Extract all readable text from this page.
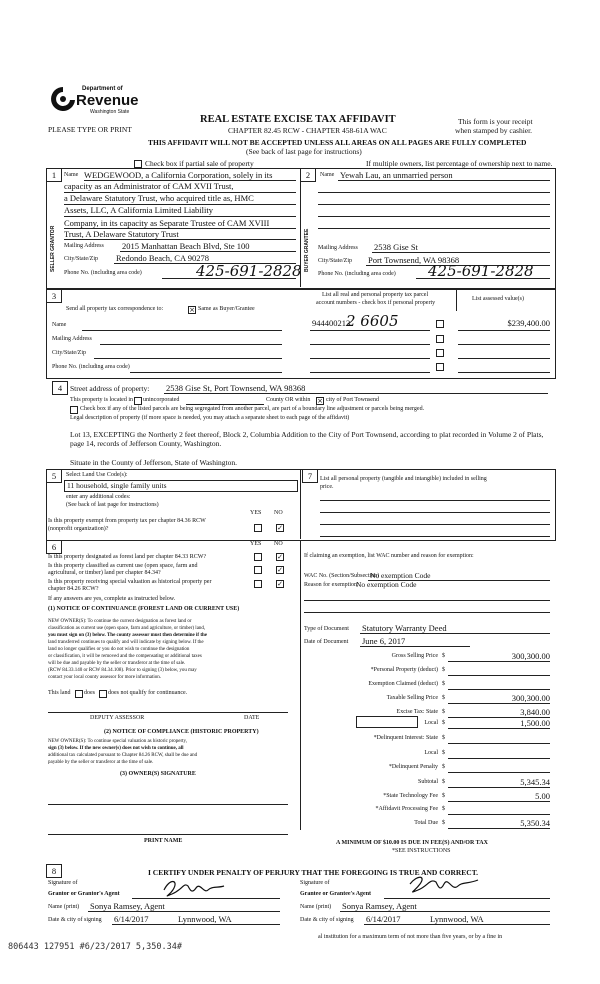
Department of
Revenue
Washington State
REAL ESTATE EXCISE TAX AFFIDAVIT
CHAPTER 82.45 RCW - CHAPTER 458-61A WAC
PLEASE TYPE OR PRINT
This form is your receipt
when stamped by cashier.
THIS AFFIDAVIT WILL NOT BE ACCEPTED UNLESS ALL AREAS ON ALL PAGES ARE FULLY COMPLETED
(See back of last page for instructions)
Check box if partial sale of property	If multiple owners, list percentage of ownership next to name.
1	2
Name WEDGEWOOD, a California Corporation, solely in its
capacity as an Administrator of CAM XVII Trust,
a Delaware Statutory Trust, who acquired title as, HMC
Assets, LLC, A California Limited Liability
Company, in its capacity as Separate Trustee of CAM XVIII
Trust, A Delaware Statutory Trust
SELLER GRANTOR Mailing Address 2015 Manhattan Beach Blvd, Ste 100
City/State/Zip Redondo Beach, CA 90278
Phone No. (including area code)	425-691-2828
Name Yewah Lau, an unmarried person
BUYER GRANTEE Mailing Address 2538 Gise St
City/State/Zip Port Townsend, WA 98368
Phone No. (including area code) 425-691-2828
3
Send all property tax correspondence to:	× Same as Buyer/Grantee
List all real and personal property tax parcel
account numbers - check box if personal property
List assessed value(s)
Name
Mailing Address
City/State/Zip
Phone No. (including area code)
944400213
2 6605	$239,400.00
4	Street address of property: 2538 Gise St, Port Townsend, WA 98368
This property is located in unincorporated	County OR within × city of Port Townsend
Check box if any of the listed parcels are being segregated from another parcel, are part of a boundary line adjustment or parcels being merged.
Legal description of property (if more space is needed, you may attach a separate sheet to each page of the affidavit)
Lot 13, EXCEPTING the Northerly 2 feet thereof, Block 2, Columbia Addition to the City of Port Townsend, according to plat recorded in Volume 2 of Plats, page 14, records of Jefferson County, Washington.
Situate in the County of Jefferson, State of Washington.
5	7
Select Land Use Code(s):
11 household, single family units
enter any additional codes:
(See back of last page for instructions)
YES NO
Is this property exempt from property tax per chapter 84.36 RCW
(nonprofit organization)?	✓
List all personal property (tangible and intangible) included in selling
price.
6	YES NO
Is this property designated as forest land per chapter 84.33 RCW?	✓
Is this property classified as current use (open space, farm and
agricultural, or timber) land per chapter 84.34?	✓
Is this property receiving special valuation as historical property per
chapter 84.26 RCW?
✓
If any answers are yes, complete as instructed below.
(1) NOTICE OF CONTINUANCE (FOREST LAND OR CURRENT USE)
NEW OWNER(S): To continue the current designation as forest land or
classification as current use (open space, farm and agriculture, or timber) land,
you must sign on (3) below. The county assessor must then determine if the
land transferred continues to qualify and will indicate by signing below. If the
land no longer qualifies or you do not wish to continue the designation
or classification, it will be removed and the compensating or additional taxes
will be due and payable by the seller or transferor at the time of sale.
(RCW 84.33.140 or RCW 84.34.108). Prior to signing (3) below, you may
contact your local county assessor for more information.
This land does does not qualify for continuance.
DEPUTY ASSESSOR	DATE
(2) NOTICE OF COMPLIANCE (HISTORIC PROPERTY)
NEW OWNER(S): To continue special valuation as historic property,
sign (3) below. If the new owner(s) does not wish to continue, all
additional tax calculated pursuant to Chapter 84.26 RCW, shall be due and
payable by the seller or transferor at the time of sale.
(3) OWNER(S) SIGNATURE
PRINT NAME
If claiming an exemption, list WAC number and reason for exemption:
WAC No. (Section/Subsection)
No exemption Code
Reason for exemption:
No exemption Code
Type of Document Statutory Warranty Deed
Date of Document June 6, 2017
Gross Selling Price $	300,300.00
*Personal Property (deduct) $
Exemption Claimed (deduct) $
Taxable Selling Price $	300,300.00
Excise Tax: State $	3,840.00
Local $	1,500.00
*Delinquent Interest: State $
Local $
*Delinquent Penalty $
Subtotal $	5,345.34
*State Technology Fee $	5.00
*Affidavit Processing Fee $
Total Due $	5,350.34
A MINIMUM OF $10.00 IS DUE IN FEE(S) AND/OR TAX
*SEE INSTRUCTIONS
8	I CERTIFY UNDER PENALTY OF PERJURY THAT THE FOREGOING IS TRUE AND CORRECT.
Signature of
Grantor or Grantor's Agent
Name (print) Sonya Ramsey, Agent
Date & city of signing 6/14/2017	Lynnwood, WA
Signature of
Grantee or Grantee's Agent
Name (print) Sonya Ramsey, Agent
Date & city of signing 6/14/2017	Lynnwood, WA
al institution for a maximum term of not more than five years, or by a fine in
806443 127951 #6/23/2017 5,350.34#
